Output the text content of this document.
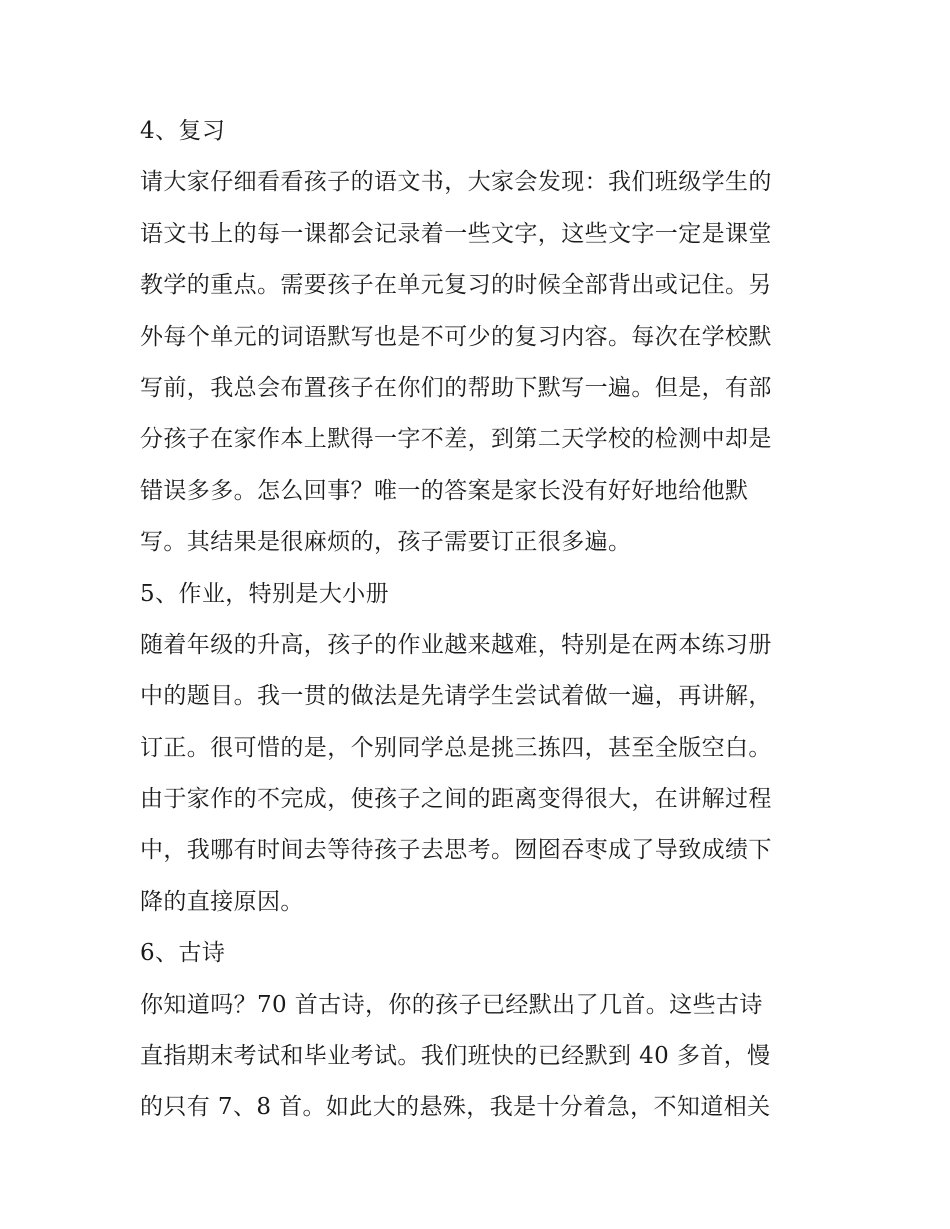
4、复习
请大家仔细看看孩子的语文书，大家会发现：我们班级学生的
语文书上的每一课都会记录着一些文字，这些文字一定是课堂
教学的重点。需要孩子在单元复习的时候全部背出或记住。另
外每个单元的词语默写也是不可少的复习内容。每次在学校默
写前，我总会布置孩子在你们的帮助下默写一遍。但是，有部
分孩子在家作本上默得一字不差，到第二天学校的检测中却是
错误多多。怎么回事？唯一的答案是家长没有好好地给他默
写。其结果是很麻烦的，孩子需要订正很多遍。
5、作业，特别是大小册
随着年级的升高，孩子的作业越来越难，特别是在两本练习册
中的题目。我一贯的做法是先请学生尝试着做一遍，再讲解，
订正。很可惜的是，个别同学总是挑三拣四，甚至全版空白。
由于家作的不完成，使孩子之间的距离变得很大，在讲解过程
中，我哪有时间去等待孩子去思考。囫囵吞枣成了导致成绩下
降的直接原因。
6、古诗
你知道吗？70 首古诗，你的孩子已经默出了几首。这些古诗
直指期末考试和毕业考试。我们班快的已经默到 40 多首，慢
的只有 7、8 首。如此大的悬殊，我是十分着急，不知道相关
